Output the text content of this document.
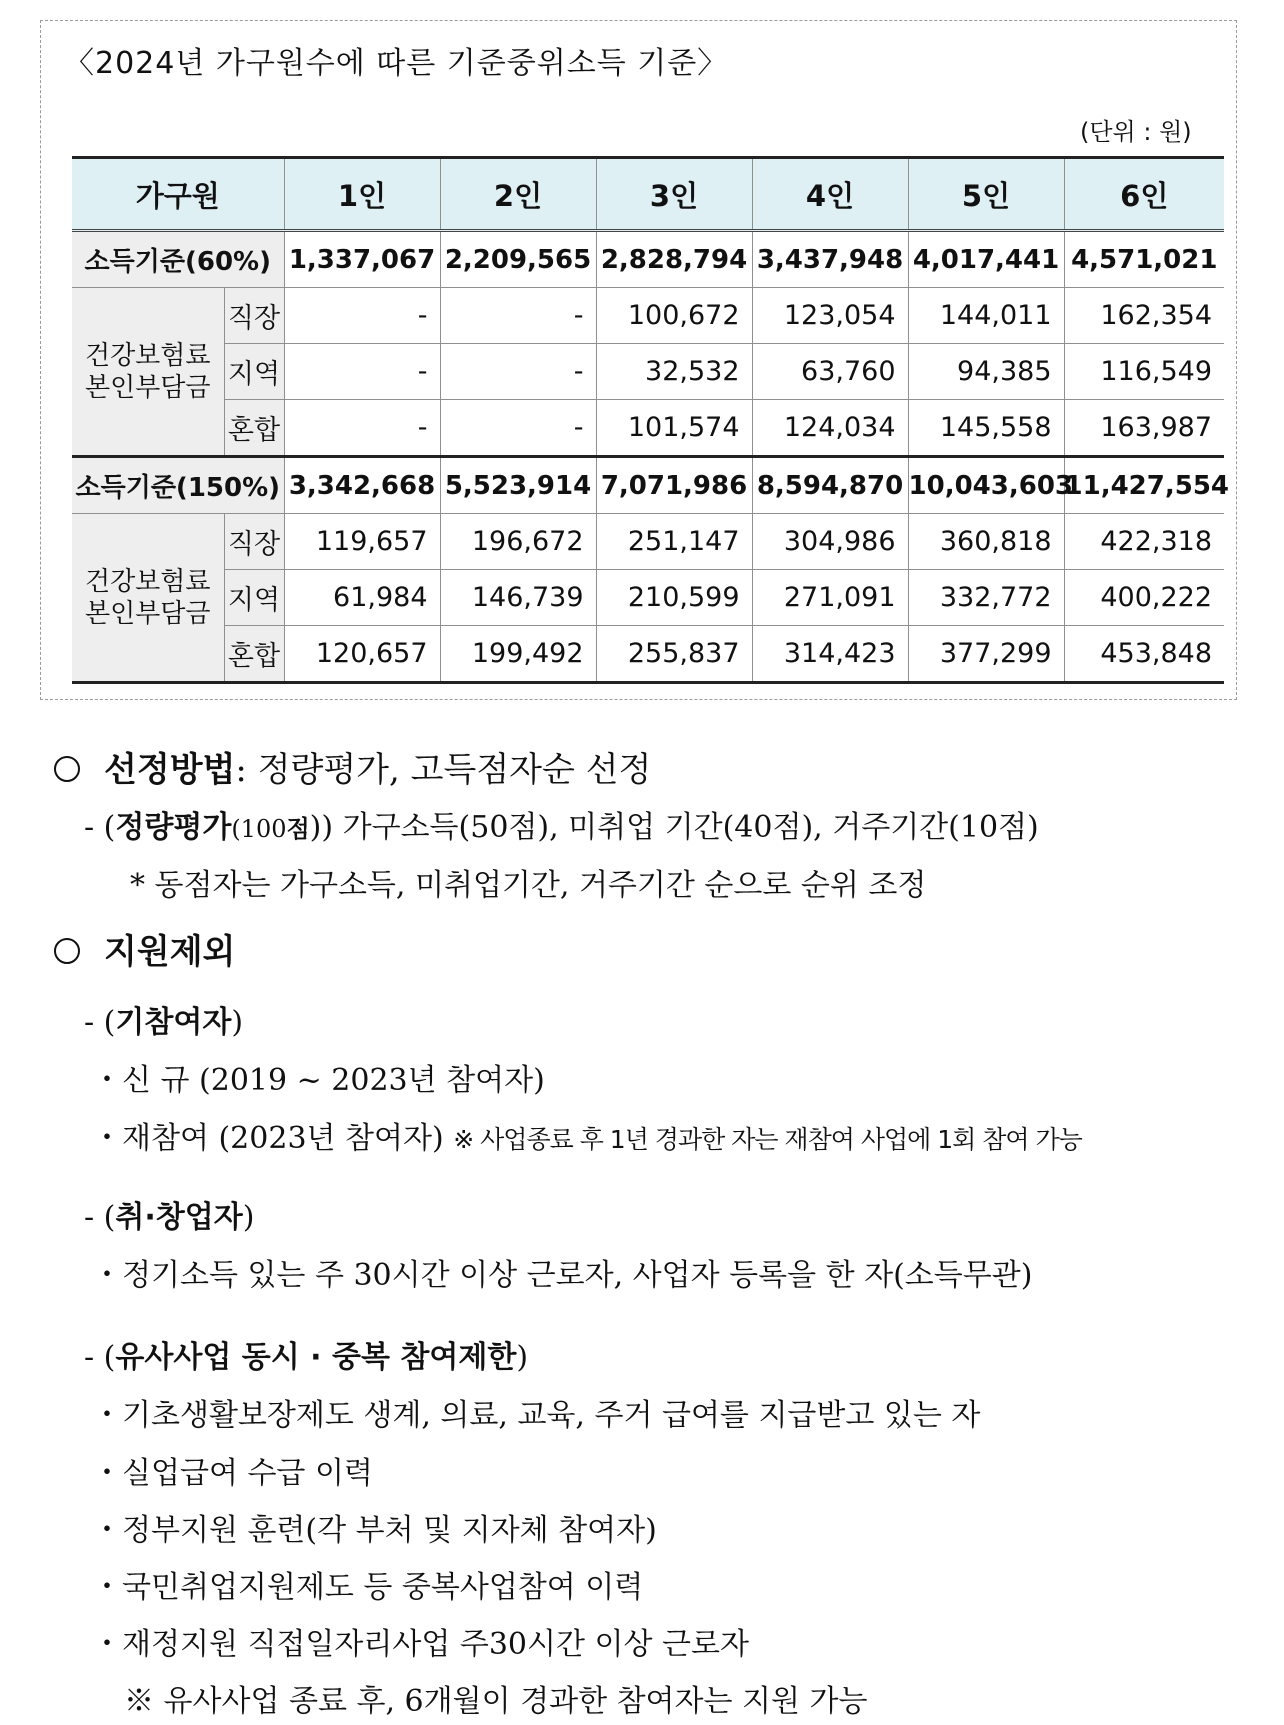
〈2024년 가구원수에 따른 기준중위소득 기준〉
(단위 : 원)
가구원		1인	2인	3인	4인	5인	6인
소득기준(60%)		1,337,067	2,209,565	2,828,794	3,437,948	4,017,441	4,571,021
건강보험료
본인부담금	직장	-	-	100,672	123,054	144,011	162,354
	지역	-	-	32,532	63,760	94,385	116,549
	혼합	-	-	101,574	124,034	145,558	163,987
소득기준(150%)		3,342,668	5,523,914	7,071,986	8,594,870	10,043,603	11,427,554
건강보험료
본인부담금	직장	119,657	196,672	251,147	304,986	360,818	422,318
	지역	61,984	146,739	210,599	271,091	332,772	400,222
	혼합	120,657	199,492	255,837	314,423	377,299	453,848
선정방법: 정량평가, 고득점자순 선정
- (정량평가(100점)) 가구소득(50점), 미취업 기간(40점), 거주기간(10점)
* 동점자는 가구소득, 미취업기간, 거주기간 순으로 순위 조정
지원제외
- (기참여자)
・신 규 (2019 ~ 2023년 참여자)
・재참여 (2023년 참여자) ※ 사업종료 후 1년 경과한 자는 재참여 사업에 1회 참여 가능
- (취·창업자)
・정기소득 있는 주 30시간 이상 근로자, 사업자 등록을 한 자(소득무관)
- (유사사업 동시 · 중복 참여제한)
・기초생활보장제도 생계, 의료, 교육, 주거 급여를 지급받고 있는 자
・실업급여 수급 이력
・정부지원 훈련(각 부처 및 지자체 참여자)
・국민취업지원제도 등 중복사업참여 이력
・재정지원 직접일자리사업 주30시간 이상 근로자
※ 유사사업 종료 후, 6개월이 경과한 참여자는 지원 가능
